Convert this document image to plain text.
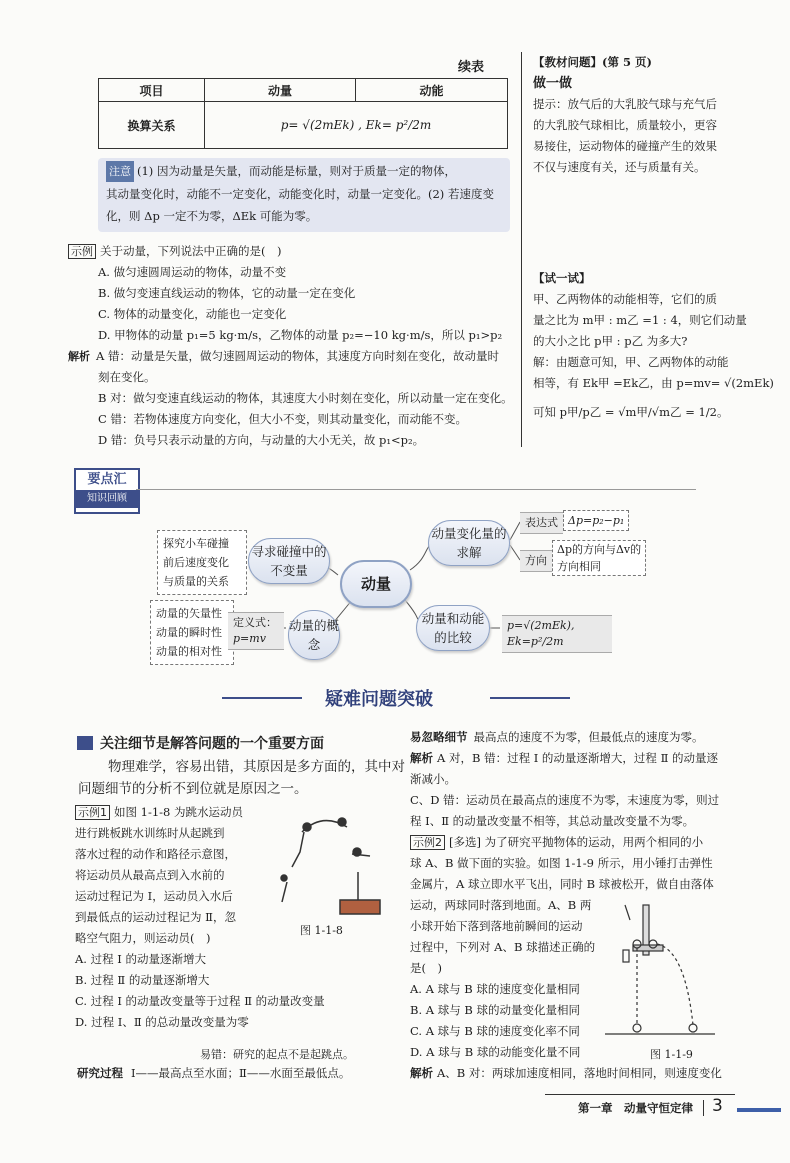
续表
项目	动量	动能
换算关系	p= √(2mEk) , Ek= p²/2m	
注意 (1) 因为动量是矢量，而动能是标量，则对于质量一定的物体，
其动量变化时，动能不一定变化，动能变化时，动量一定变化。(2) 若速度变
化，则 Δp 一定不为零，ΔEk 可能为零。
示例 关于动量，下列说法中正确的是(　)
A. 做匀速圆周运动的物体，动量不变
B. 做匀变速直线运动的物体，它的动量一定在变化
C. 物体的动量变化，动能也一定变化
D. 甲物体的动量 p₁=5 kg·m/s，乙物体的动量 p₂=−10 kg·m/s，所以 p₁>p₂
解析 A 错：动量是矢量，做匀速圆周运动的物体，其速度方向时刻在变化，故动量时
刻在变化。
B 对：做匀变速直线运动的物体，其速度大小时刻在变化，所以动量一定在变化。
C 错：若物体速度方向变化，但大小不变，则其动量变化，而动能不变。
D 错：负号只表示动量的方向，与动量的大小无关，故 p₁<p₂。
【教材问题】(第 5 页)
做一做
提示：放气后的大乳胶气球与充气后
的大乳胶气球相比，质量较小，更容
易接住，运动物体的碰撞产生的效果
不仅与速度有关，还与质量有关。
【试一试】
甲、乙两物体的动能相等，它们的质
量之比为 m甲 : m乙 =1 : 4，则它们动量
的大小之比 p甲 : p乙 为多大?
解：由题意可知，甲、乙两物体的动能
相等，有 Ek甲 =Ek乙，由 p=mv= √(2mEk)
可知 p甲/p乙 = √m甲/√m乙 = 1/2。
要点汇
知识回顾
探究小车碰撞
前后速度变化
与质量的关系
寻求碰撞中的不变量
动量变化量的求解
动量
动量的概念
动量和动能的比较
动量的矢量性
动量的瞬时性
动量的相对性
定义式：
p=mv
表达式 Δp=p₂−p₁
方向
Δp的方向与Δv的
方向相同
p=√(2mEk), Ek=p²/2m
疑难问题突破
关注细节是解答问题的一个重要方面
物理难学，容易出错，其原因是多方面的，其中对
问题细节的分析不到位就是原因之一。
示例1 如图 1-1-8 为跳水运动员
进行跳板跳水训练时从起跳到
落水过程的动作和路径示意图，
将运动员从最高点到入水前的
运动过程记为 Ⅰ，运动员入水后
到最低点的运动过程记为 Ⅱ，忽
略空气阻力，则运动员(　)
A. 过程 Ⅰ 的动量逐渐增大
B. 过程 Ⅱ 的动量逐渐增大
C. 过程 Ⅰ 的动量改变量等于过程 Ⅱ 的动量改变量
D. 过程 Ⅰ、Ⅱ 的总动量改变量为零
图 1-1-8
易错：研究的起点不是起跳点。
研究过程 Ⅰ——最高点至水面；Ⅱ——水面至最低点。
易忽略细节 最高点的速度不为零，但最低点的速度为零。
解析 A 对，B 错：过程 Ⅰ 的动量逐渐增大，过程 Ⅱ 的动量逐
渐减小。
C、D 错：运动员在最高点的速度不为零，末速度为零，则过
程 Ⅰ、Ⅱ 的动量改变量不相等，其总动量改变量不为零。
示例2 [多选] 为了研究平抛物体的运动，用两个相同的小
球 A、B 做下面的实验。如图 1-1-9 所示，用小锤打击弹性
金属片，A 球立即水平飞出，同时 B 球被松开，做自由落体
运动，两球同时落到地面。A、B 两
小球开始下落到落地前瞬间的运动
过程中，下列对 A、B 球描述正确的
是(　)
A. A 球与 B 球的速度变化量相同
B. A 球与 B 球的动量变化量相同
C. A 球与 B 球的速度变化率不同
D. A 球与 B 球的动能变化量不同
解析 A、B 对：两球加速度相同，落地时间相同，则速度变化
图 1-1-9
第一章　动量守恒定律 3
